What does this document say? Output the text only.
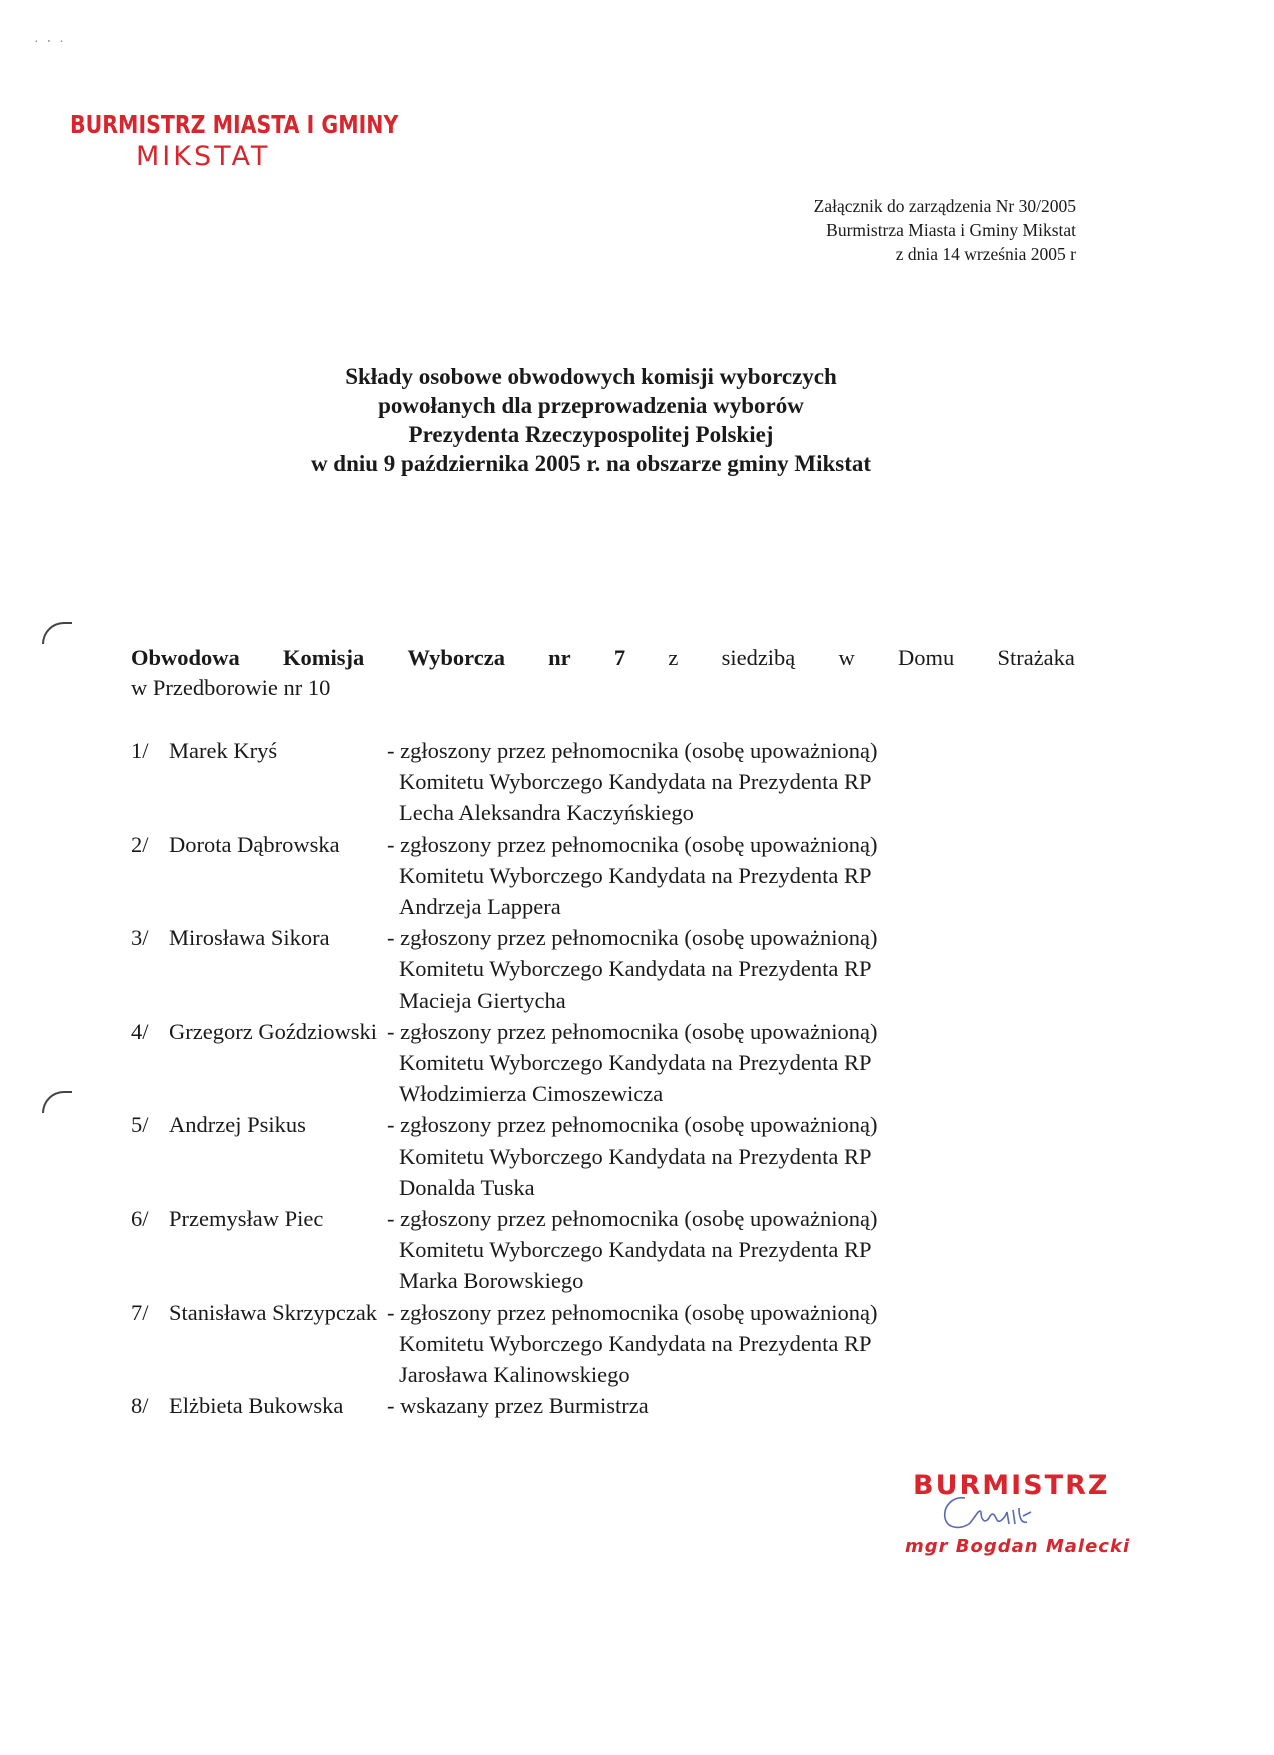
·‧·
BURMISTRZ MIASTA I GMINY
MIKSTAT
Załącznik do zarządzenia Nr 30/2005
Burmistrza Miasta i Gminy Mikstat
z dnia 14 września 2005 r
Składy osobowe obwodowych komisji wyborczych
powołanych dla przeprowadzenia wyborów
Prezydenta Rzeczypospolitej Polskiej
w dniu 9 października 2005 r. na obszarze gminy Mikstat
Obwodowa Komisja Wyborcza nr 7 z siedzibą w Domu Strażaka
w Przedborowie nr 10
1/ Marek Kryś	- zgłoszony przez pełnomocnika (osobę upoważnioną)
Komitetu Wyborczego Kandydata na Prezydenta RP
Lecha Aleksandra Kaczyńskiego
2/ Dorota Dąbrowska	- zgłoszony przez pełnomocnika (osobę upoważnioną)
Komitetu Wyborczego Kandydata na Prezydenta RP
Andrzeja Lappera
3/ Mirosława Sikora	- zgłoszony przez pełnomocnika (osobę upoważnioną)
Komitetu Wyborczego Kandydata na Prezydenta RP
Macieja Giertycha
4/ Grzegorz Goździowski - zgłoszony przez pełnomocnika (osobę upoważnioną)
Komitetu Wyborczego Kandydata na Prezydenta RP
Włodzimierza Cimoszewicza
5/ Andrzej Psikus	- zgłoszony przez pełnomocnika (osobę upoważnioną)
Komitetu Wyborczego Kandydata na Prezydenta RP
Donalda Tuska
6/ Przemysław Piec	- zgłoszony przez pełnomocnika (osobę upoważnioną)
Komitetu Wyborczego Kandydata na Prezydenta RP
Marka Borowskiego
7/ Stanisława Skrzypczak - zgłoszony przez pełnomocnika (osobę upoważnioną)
Komitetu Wyborczego Kandydata na Prezydenta RP
Jarosława Kalinowskiego
8/ Elżbieta Bukowska	- wskazany przez Burmistrza
BURMISTRZ
mgr Bogdan Malecki
